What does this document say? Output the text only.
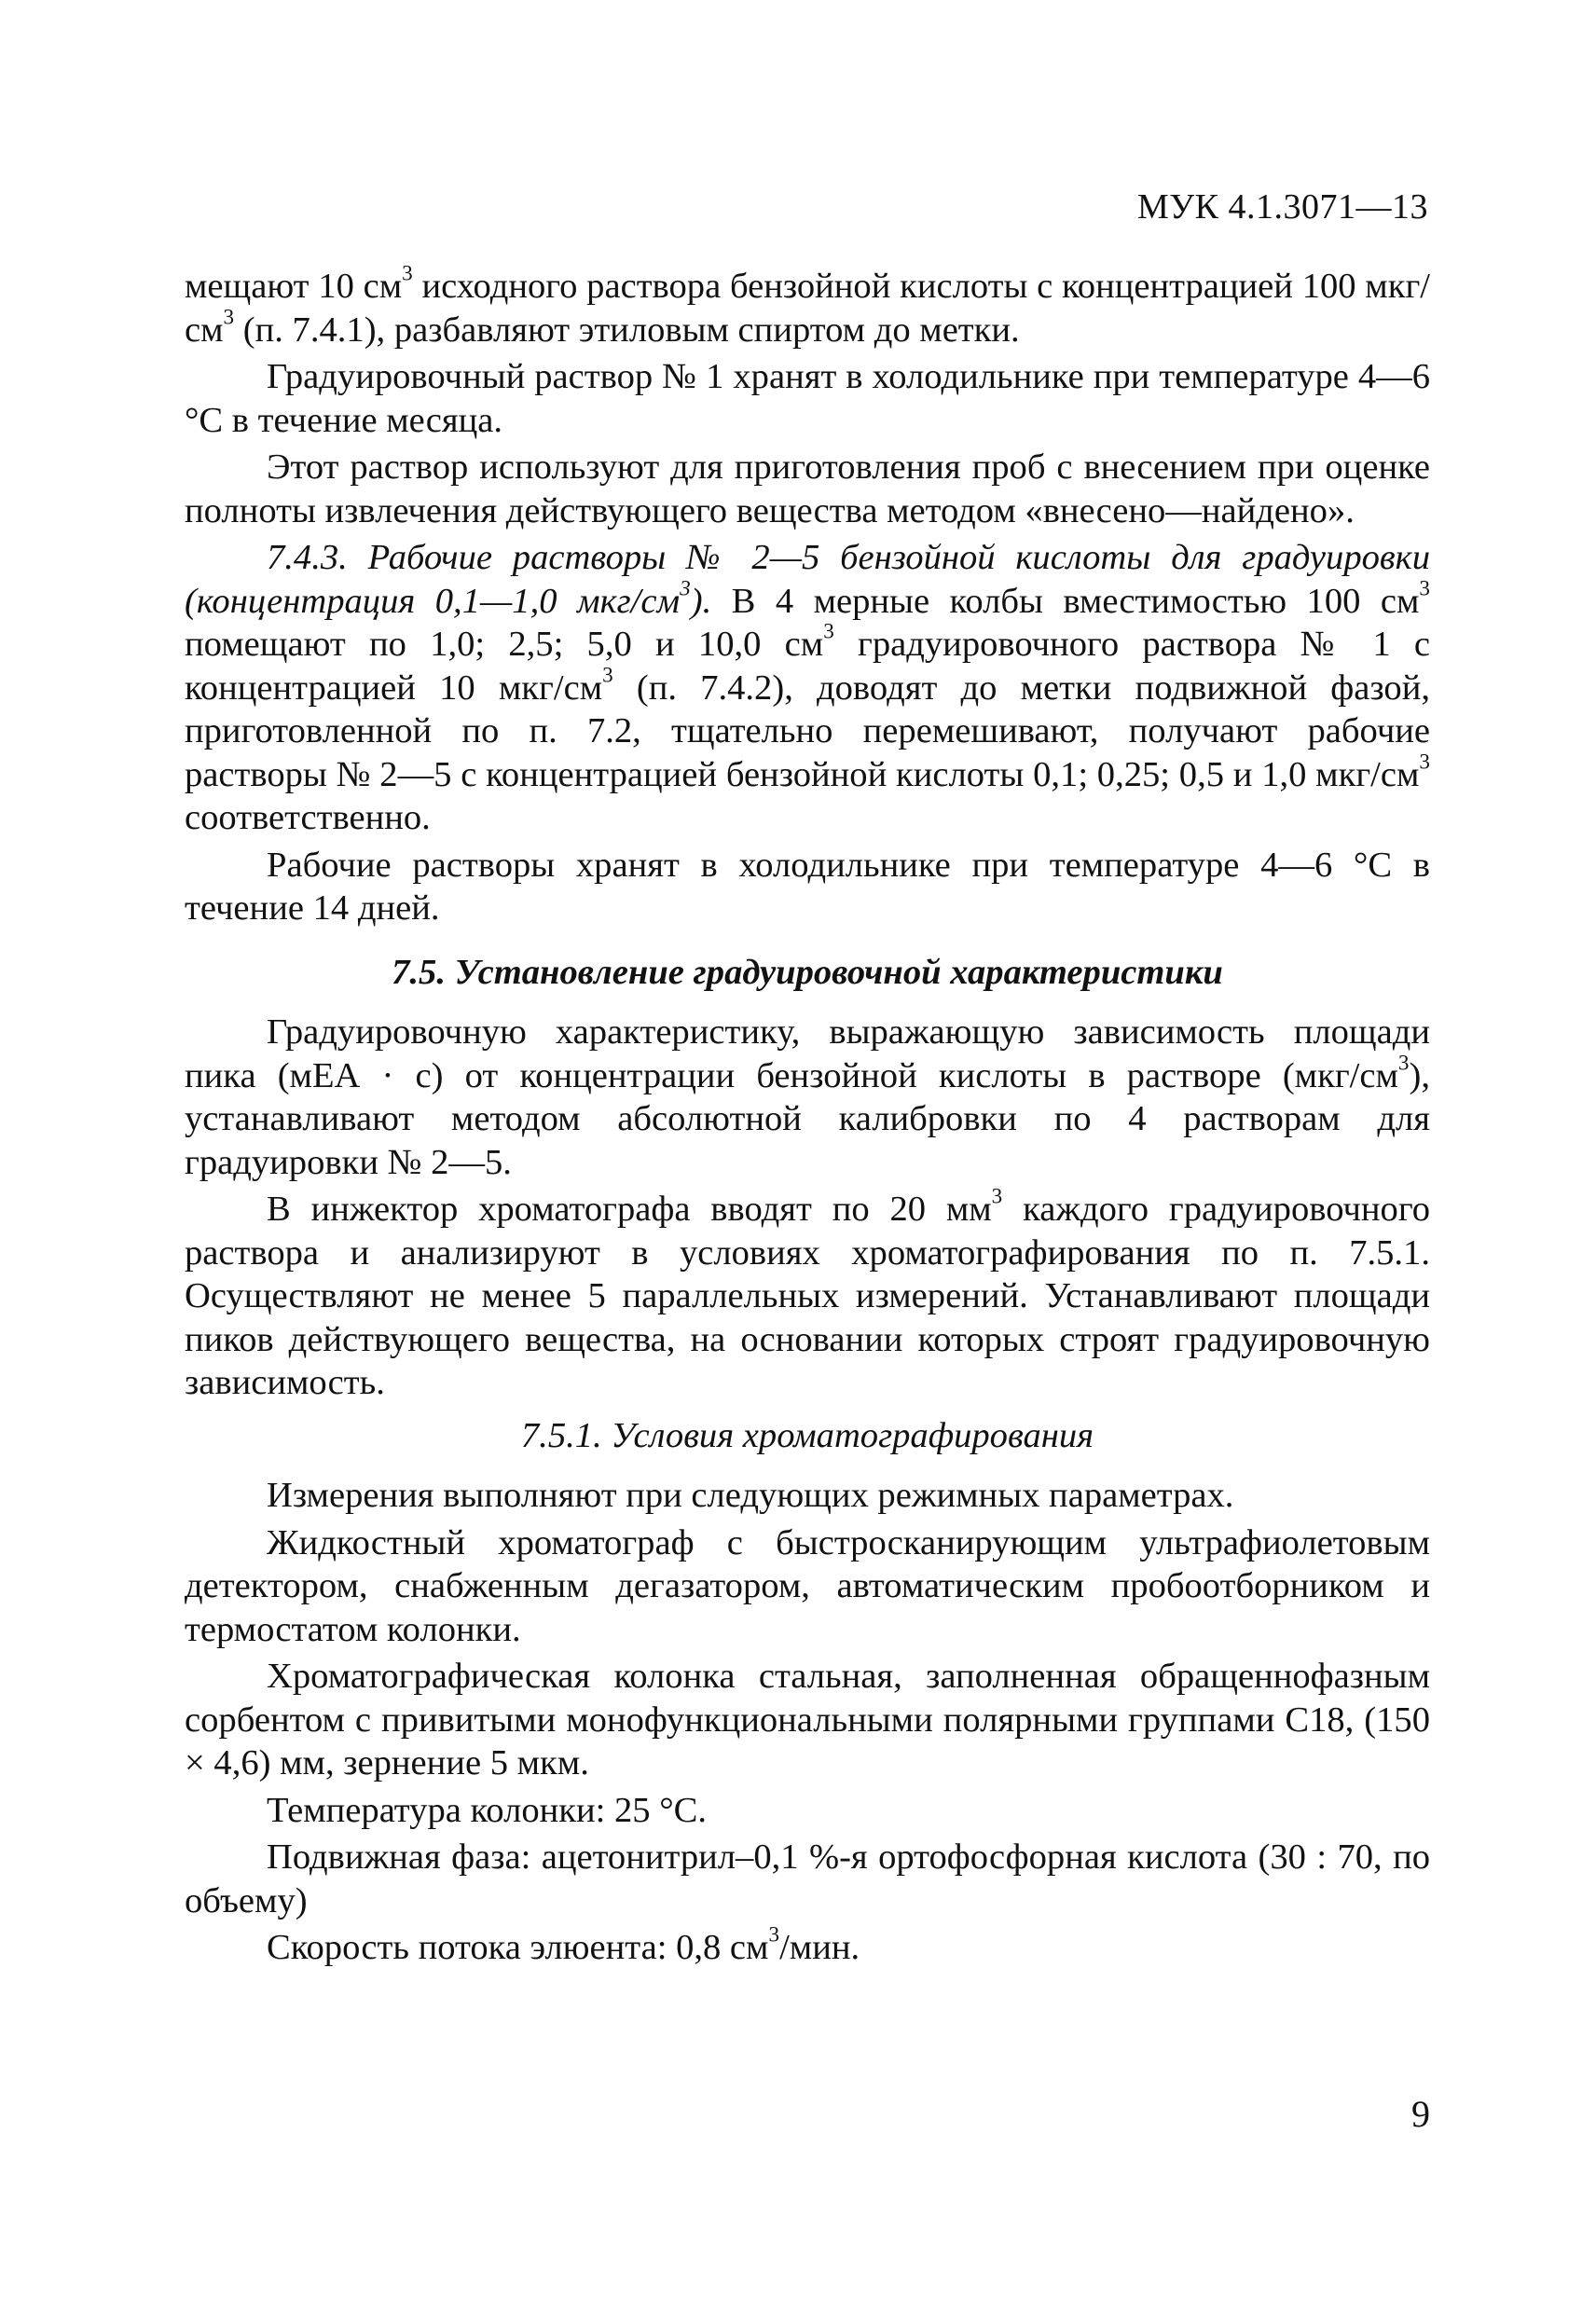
МУК 4.1.3071—13

мещают 10 $см^3$ исходного раствора бензойной кислоты с концентрацией 100 мкг/$см^3$ (п. 7.4.1), разбавляют этиловым спиртом до метки.

Градуировочный раствор № 1 хранят в холодильнике при температуре 4—6 °С в течение месяца.

Этот раствор используют для приготовления проб с внесением при оценке полноты извлечения действующего вещества методом «внесено—найдено».

7.4.3. Рабочие растворы № 2—5 бензойной кислоты для градуировки (концентрация 0,1—1,0 мкг/$см^3$). В 4 мерные колбы вместимостью 100 $см^3$ помещают по 1,0; 2,5; 5,0 и 10,0 $см^3$ градуировочного раствора № 1 с концентрацией 10 мкг/$см^3$ (п. 7.4.2), доводят до метки подвижной фазой, приготовленной по п. 7.2, тщательно перемешивают, получают рабочие растворы № 2—5 с концентрацией бензойной кислоты 0,1; 0,25; 0,5 и 1,0 мкг/$см^3$ соответственно.

Рабочие растворы хранят в холодильнике при температуре 4—6 °С в течение 14 дней.

7.5. Установление градуировочной характеристики

Градуировочную характеристику, выражающую зависимость площади пика (мЕА · с) от концентрации бензойной кислоты в растворе $(мкг/см^3)$, устанавливают методом абсолютной калибровки по 4 растворам для градуировки № 2—5.

В инжектор хроматографа вводят по 20 $мм^3$ каждого градуировочного раствора и анализируют в условиях хроматографирования по п. 7.5.1. Осуществляют не менее 5 параллельных измерений. Устанавливают площади пиков действующего вещества, на основании которых строят градуировочную зависимость.

7.5.1. Условия хроматографирования

Измерения выполняют при следующих режимных параметрах.

Жидкостный хроматограф с быстросканирующим ультрафиолетовым детектором, снабженным дегазатором, автоматическим пробоотборником и термостатом колонки.

Хроматографическая колонка стальная, заполненная обращеннофазным сорбентом с привитыми монофункциональными полярными группами С18, (150 × 4,6) мм, зернение 5 мкм.

Температура колонки: 25 °С.

Подвижная фаза: ацетонитрил–0,1 %-я ортофосфорная кислота (30 : 70, по объему)

Скорость потока элюента: 0,8 $см^3$/мин.

9
